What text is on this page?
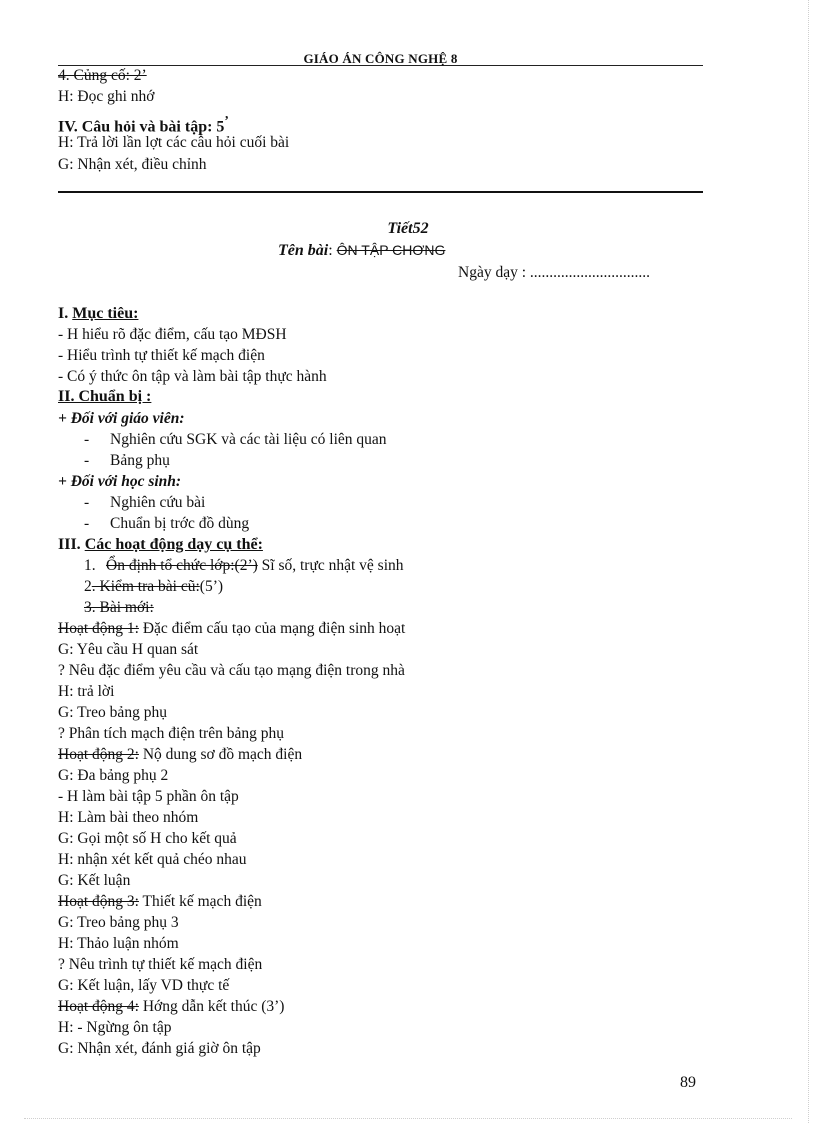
GIÁO ÁN CÔNG NGHỆ 8
4. Củng cố: 2’
H: Đọc ghi nhớ
IV. Câu hỏi và bài tập: 5’
H: Trả lời lần lợt các câu hỏi cuối bài
G: Nhận xét, điều chỉnh
Tiết52
Tên bài: ÔN TẬP CHƠNG
Ngày dạy : ...............................
I. Mục tiêu:
- H hiểu rõ đặc điểm, cấu tạo MĐSH
- Hiểu trình tự thiết kế mạch điện
- Có ý thức ôn tập và làm bài tập thực hành
II. Chuẩn bị :
+ Đối với giáo viên:
- Nghiên cứu SGK và các tài liệu có liên quan
- Bảng phụ
+ Đối với học sinh:
- Nghiên cứu bài
- Chuẩn bị trớc đồ dùng
III. Các hoạt động dạy cụ thể:
1. Ổn định tổ chức lớp:(2’) Sĩ số, trực nhật vệ sinh
2. Kiểm tra bài cũ:(5’)
3. Bài mới:
Hoạt động 1: Đặc điểm cấu tạo của mạng điện sinh hoạt
G: Yêu cầu H quan sát
? Nêu đặc điểm yêu cầu và cấu tạo mạng điện trong nhà
H: trả lời
G: Treo bảng phụ
? Phân tích mạch điện trên bảng phụ
Hoạt động 2: Nộ dung sơ đồ mạch điện
G: Đa bảng phụ 2
- H làm bài tập 5 phần ôn tập
H: Làm bài theo nhóm
G: Gọi một số H cho kết quả
H: nhận xét kết quả chéo nhau
G: Kết luận
Hoạt động 3: Thiết kế mạch điện
G: Treo bảng phụ 3
H: Thảo luận nhóm
? Nêu trình tự thiết kế mạch điện
G: Kết luận, lấy VD thực tế
Hoạt động 4: Hớng dẫn kết thúc (3’)
H: - Ngừng ôn tập
G: Nhận xét, đánh giá giờ ôn tập
89
